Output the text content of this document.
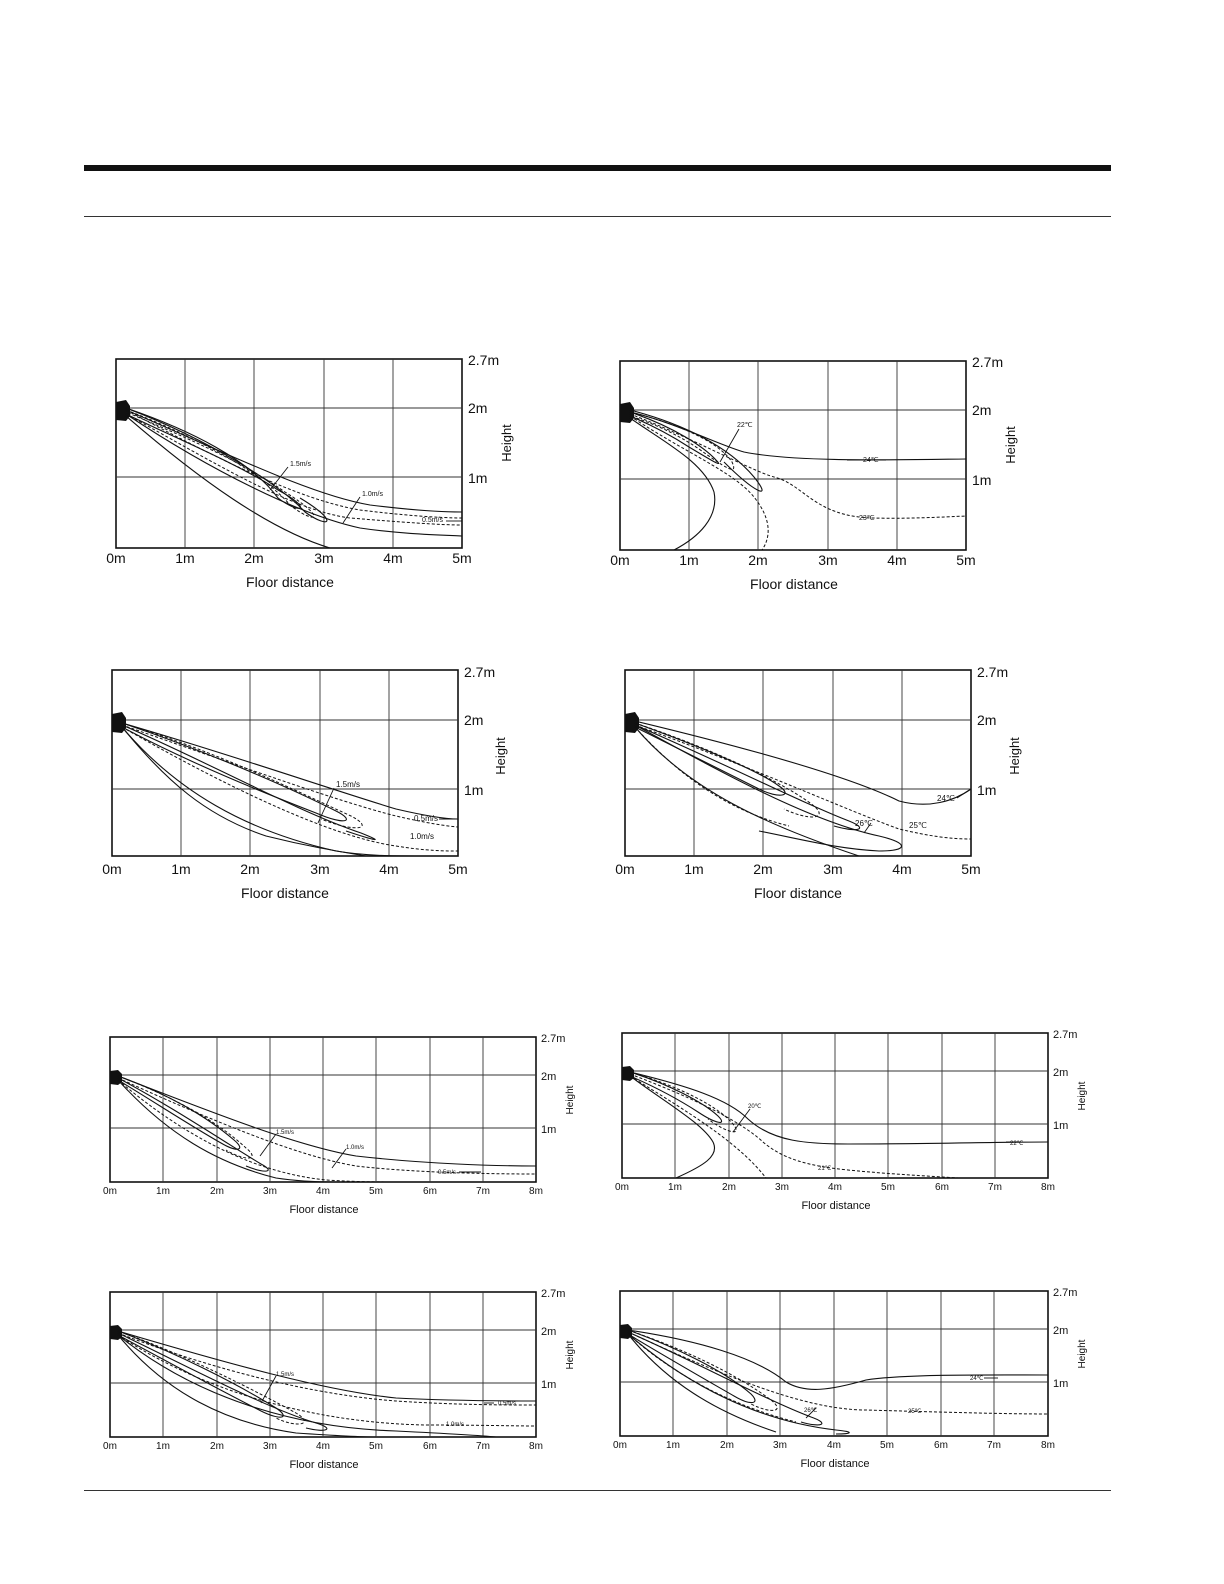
1.5m/s
1.0m/s
0.5m/s
2.7m
2m
1m
Height
0m	1m	2m	3m	4m	5m
Floor distance
22℃
24℃
23℃
2.7m
2m
1m
Height
0m	1m	2m	3m	4m	5m
Floor distance
1.5m/s
0.5m/s
1.0m/s
2.7m
2m
1m
Height
0m	1m	2m	3m	4m	5m
Floor distance
24℃
26℃	25℃
2.7m
2m
1m
Height
0m	1m	2m	3m	4m	5m
Floor distance
1.5m/s
1.0m/s
0.5m/s
2.7m
2m
1m
Height
0m	1m	2m	3m	4m	5m	6m	7m	8m
Floor distance
20℃
22℃
21℃
2.7m
2m
1m
Height
0m	1m	2m	3m	4m	5m	6m	7m	8m
Floor distance
1.5m/s
0.5m/s
1.0m/s
2.7m
2m
1m
Height
0m	1m	2m	3m	4m	5m	6m	7m	8m
Floor distance
24℃
26℃	25℃
2.7m
2m
1m
Height
0m	1m	2m	3m	4m	5m	6m	7m	8m
Floor distance
